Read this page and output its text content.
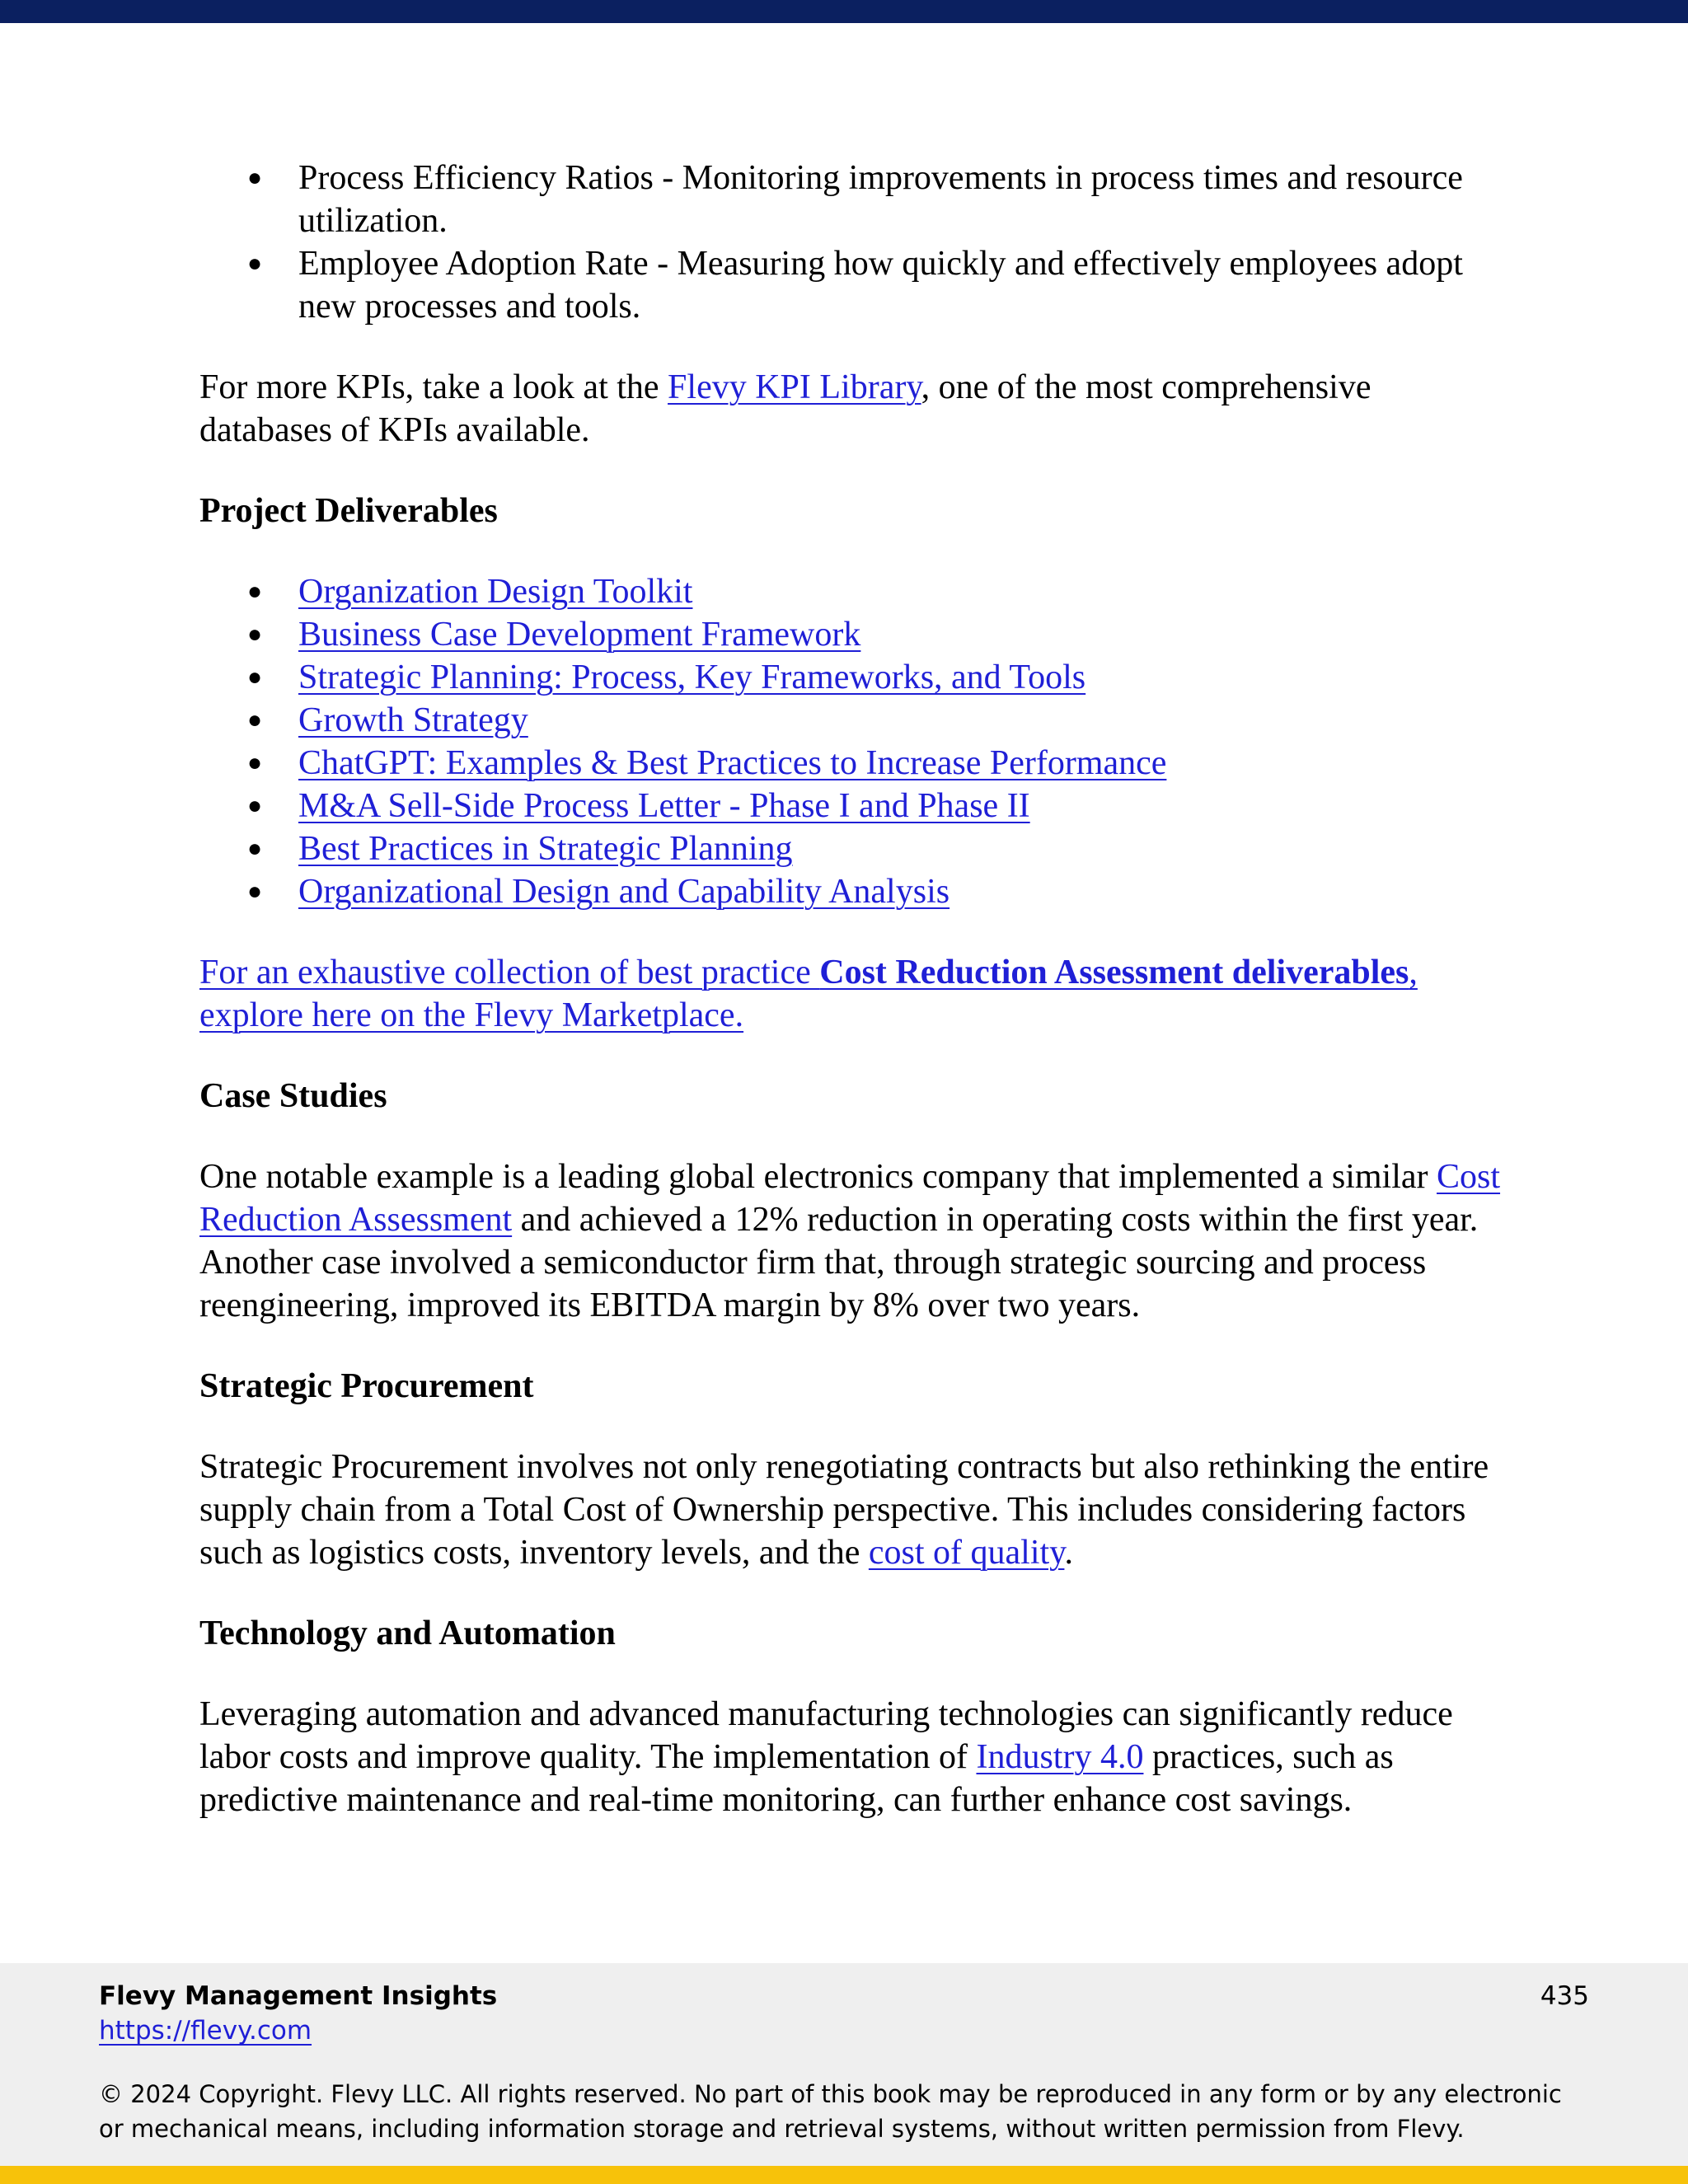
● Process Efficiency Ratios - Monitoring improvements in process times and resource utilization.
● Employee Adoption Rate - Measuring how quickly and effectively employees adopt new processes and tools.

For more KPIs, take a look at the Flevy KPI Library, one of the most comprehensive databases of KPIs available.

Project Deliverables
● Organization Design Toolkit
● Business Case Development Framework
● Strategic Planning: Process, Key Frameworks, and Tools
● Growth Strategy
● ChatGPT: Examples & Best Practices to Increase Performance
● M&A Sell-Side Process Letter - Phase I and Phase II
● Best Practices in Strategic Planning
● Organizational Design and Capability Analysis

For an exhaustive collection of best practice Cost Reduction Assessment deliverables, explore here on the Flevy Marketplace.

Case Studies

One notable example is a leading global electronics company that implemented a similar Cost Reduction Assessment and achieved a 12% reduction in operating costs within the first year. Another case involved a semiconductor firm that, through strategic sourcing and process reengineering, improved its EBITDA margin by 8% over two years.

Strategic Procurement

Strategic Procurement involves not only renegotiating contracts but also rethinking the entire supply chain from a Total Cost of Ownership perspective. This includes considering factors such as logistics costs, inventory levels, and the cost of quality.

Technology and Automation

Leveraging automation and advanced manufacturing technologies can significantly reduce labor costs and improve quality. The implementation of Industry 4.0 practices, such as predictive maintenance and real-time monitoring, can further enhance cost savings.

Flevy Management Insights
https://flevy.com
435
© 2024 Copyright. Flevy LLC. All rights reserved. No part of this book may be reproduced in any form or by any electronic or mechanical means, including information storage and retrieval systems, without written permission from Flevy.
